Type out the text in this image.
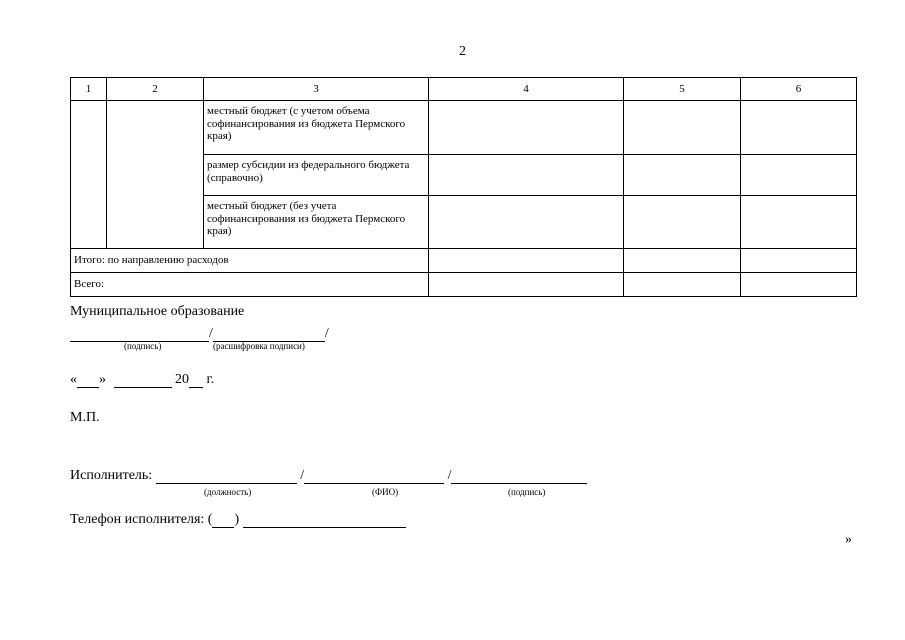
2
1	2	3	4	5	6
		местный бюджет (с учетом объема софинансирования из бюджета Пермского края)			
		размер субсидии из федерального бюджета (справочно)			
		местный бюджет (без учета софинансирования из бюджета Пермского края)			
Итого: по направлению расходов					
Всего:					
Муниципальное образование
/	/
(подпись)	(расшифровка подписи)
« »	20 г.
М.П.
Исполнитель:	/	/
(должность)	(ФИО)	(подпись)
Телефон исполнителя: ( )
»
